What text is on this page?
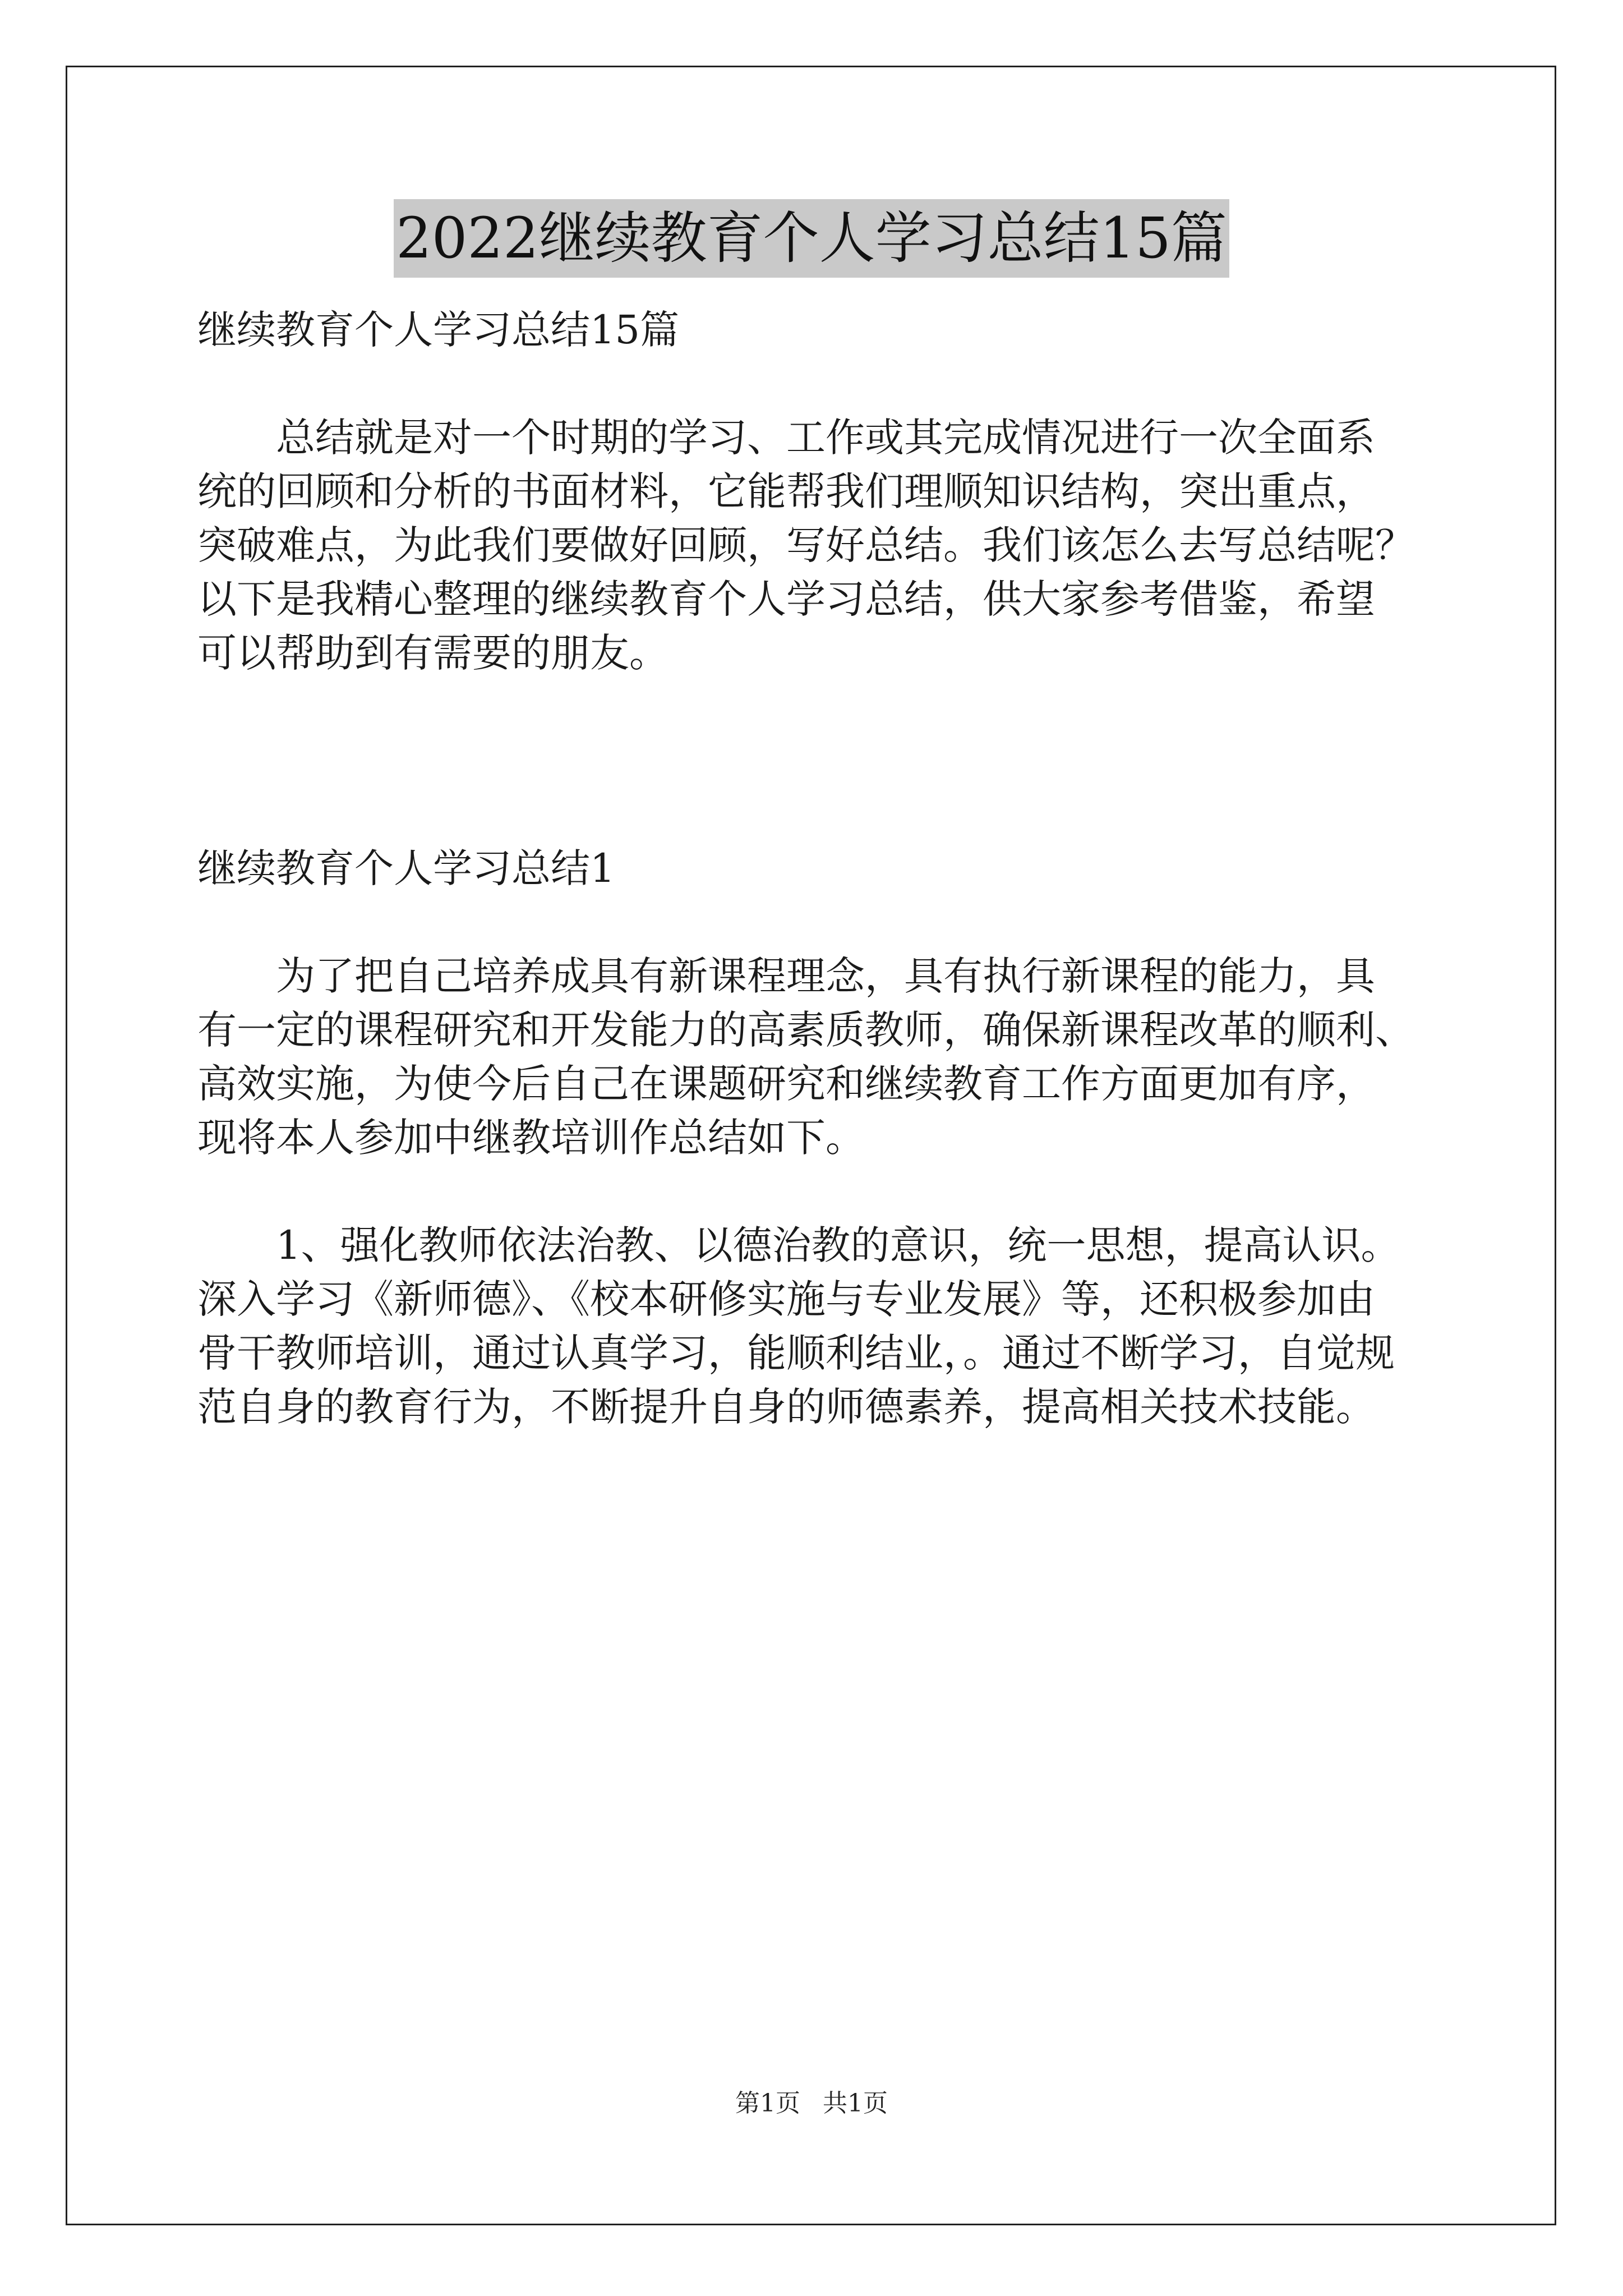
2022继续教育个人学习总结15篇
继续教育个人学习总结15篇
总结就是对一个时期的学习、工作或其完成情况进行一次全面系
统的回顾和分析的书面材料，它能帮我们理顺知识结构，突出重点，
突破难点，为此我们要做好回顾，写好总结。我们该怎么去写总结呢？
以下是我精心整理的继续教育个人学习总结，供大家参考借鉴，希望
可以帮助到有需要的朋友。
继续教育个人学习总结1
为了把自己培养成具有新课程理念，具有执行新课程的能力，具
有一定的课程研究和开发能力的高素质教师，确保新课程改革的顺利、
高效实施，为使今后自己在课题研究和继续教育工作方面更加有序，
现将本人参加中继教培训作总结如下。
1、强化教师依法治教、以德治教的意识，统一思想，提高认识。
深入学习《新师德》、《校本研修实施与专业发展》等，还积极参加由
骨干教师培训，通过认真学习，能顺利结业，。通过不断学习，自觉规
范自身的教育行为，不断提升自身的师德素养，提高相关技术技能。
第1页 共1页
